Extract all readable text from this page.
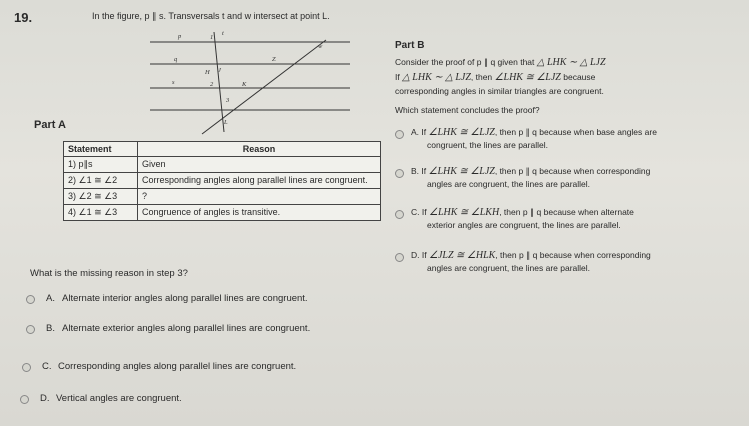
19.	In the figure, p ∥ s. Transversals t and w intersect at point L.
p
q
s
t
w
1
2
3
Z
H
K
J
L
Part A
Statement	Reason
1) p∥s	Given
2) ∠1 ≅ ∠2	Corresponding angles along parallel lines are congruent.
3) ∠2 ≅ ∠3	?
4) ∠1 ≅ ∠3	Congruence of angles is transitive.
What is the missing reason in step 3?
A. Alternate interior angles along parallel lines are congruent.
B. Alternate exterior angles along parallel lines are congruent.
C. Corresponding angles along parallel lines are congruent.
D. Vertical angles are congruent.
Part B
Consider the proof of p ∥ q given that △ LHK ∼ △ LJZ
If △ LHK ∼ △ LJZ, then ∠LHK ≅ ∠LJZ because
corresponding angles in similar triangles are congruent.
Which statement concludes the proof?
A. If ∠LHK ≅ ∠LJZ, then p ∥ q because when base angles are
congruent, the lines are parallel.
B. If ∠LHK ≅ ∠LJZ, then p ∥ q because when corresponding
angles are congruent, the lines are parallel.
C. If ∠LHK ≅ ∠LKH, then p ∥ q because when alternate
exterior angles are congruent, the lines are parallel.
D. If ∠JLZ ≅ ∠HLK, then p ∥ q because when corresponding
angles are congruent, the lines are parallel.
